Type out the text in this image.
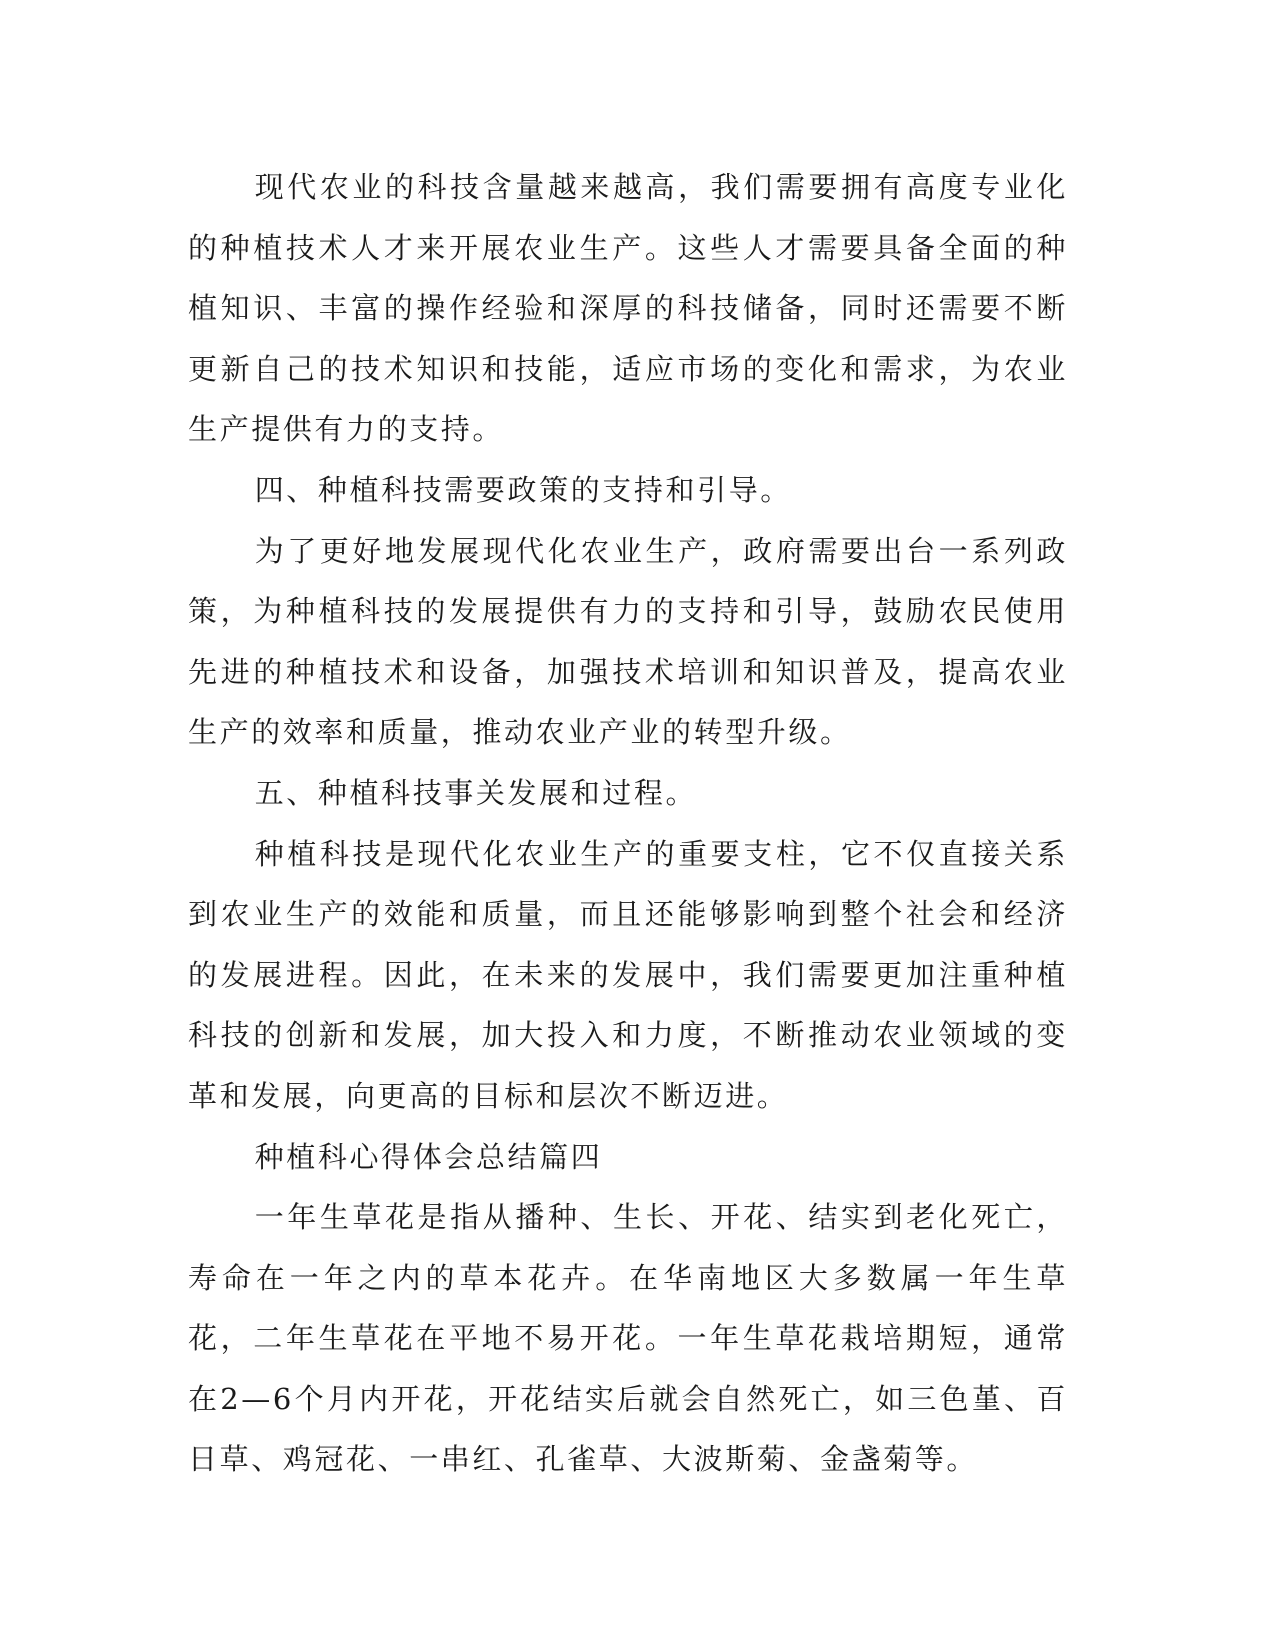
现代农业的科技含量越来越高，我们需要拥有高度专业化的种植技术人才来开展农业生产。这些人才需要具备全面的种植知识、丰富的操作经验和深厚的科技储备，同时还需要不断更新自己的技术知识和技能，适应市场的变化和需求，为农业生产提供有力的支持。

四、种植科技需要政策的支持和引导。

为了更好地发展现代化农业生产，政府需要出台一系列政策，为种植科技的发展提供有力的支持和引导，鼓励农民使用先进的种植技术和设备，加强技术培训和知识普及，提高农业生产的效率和质量，推动农业产业的转型升级。

五、种植科技事关发展和过程。

种植科技是现代化农业生产的重要支柱，它不仅直接关系到农业生产的效能和质量，而且还能够影响到整个社会和经济的发展进程。因此，在未来的发展中，我们需要更加注重种植科技的创新和发展，加大投入和力度，不断推动农业领域的变革和发展，向更高的目标和层次不断迈进。

种植科心得体会总结篇四

一年生草花是指从播种、生长、开花、结实到老化死亡，寿命在一年之内的草本花卉。在华南地区大多数属一年生草花，二年生草花在平地不易开花。一年生草花栽培期短，通常在2—6个月内开花，开花结实后就会自然死亡，如三色堇、百日草、鸡冠花、一串红、孔雀草、大波斯菊、金盏菊等。
